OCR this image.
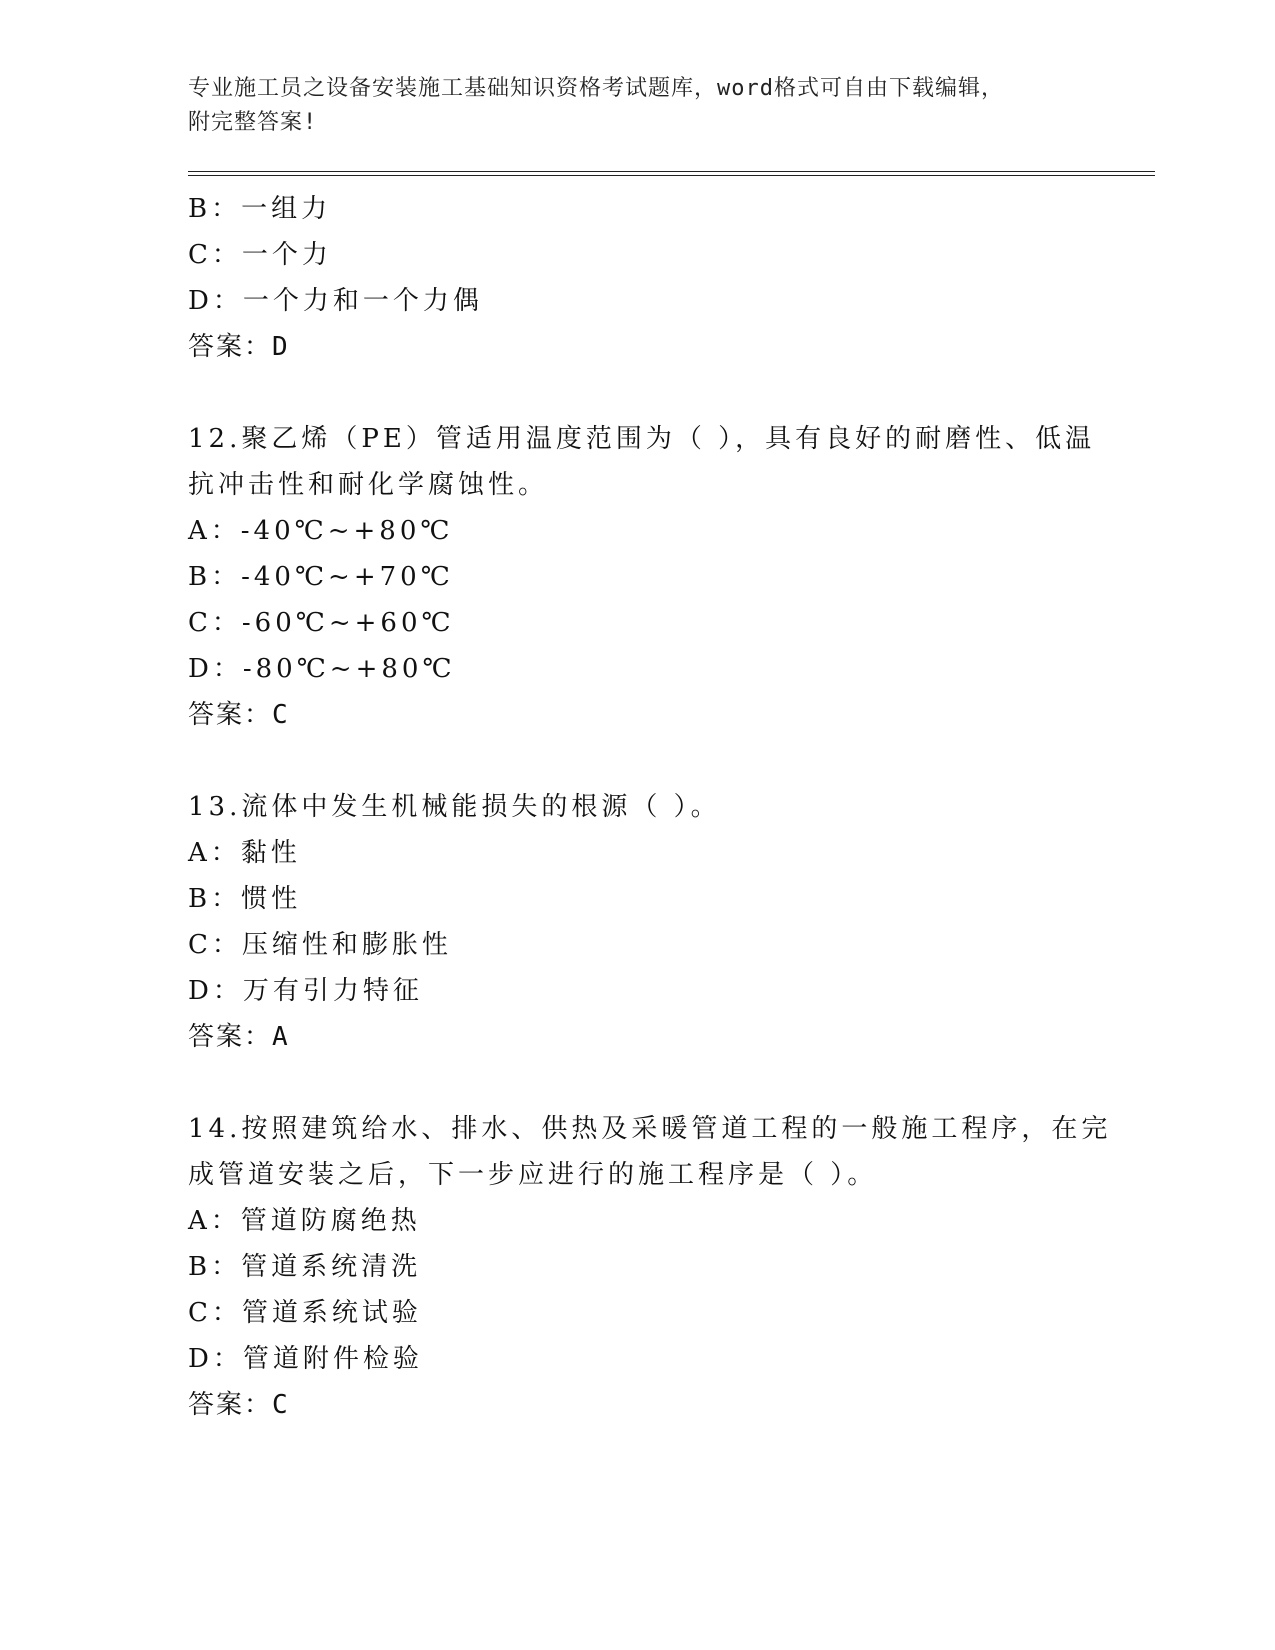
专业施工员之设备安装施工基础知识资格考试题库，word格式可自由下载编辑，
附完整答案!
B：一组力
C：一个力
D：一个力和一个力偶
答案：D
12.聚乙烯（PE）管适用温度范围为（ ），具有良好的耐磨性、低温
抗冲击性和耐化学腐蚀性。
A：-40℃~+80℃
B：-40℃~+70℃
C：-60℃~+60℃
D：-80℃~+80℃
答案：C
13.流体中发生机械能损失的根源（ ）。
A：黏性
B：惯性
C：压缩性和膨胀性
D：万有引力特征
答案：A
14.按照建筑给水、排水、供热及采暖管道工程的一般施工程序，在完
成管道安装之后，下一步应进行的施工程序是（ ）。
A：管道防腐绝热
B：管道系统清洗
C：管道系统试验
D：管道附件检验
答案：C
